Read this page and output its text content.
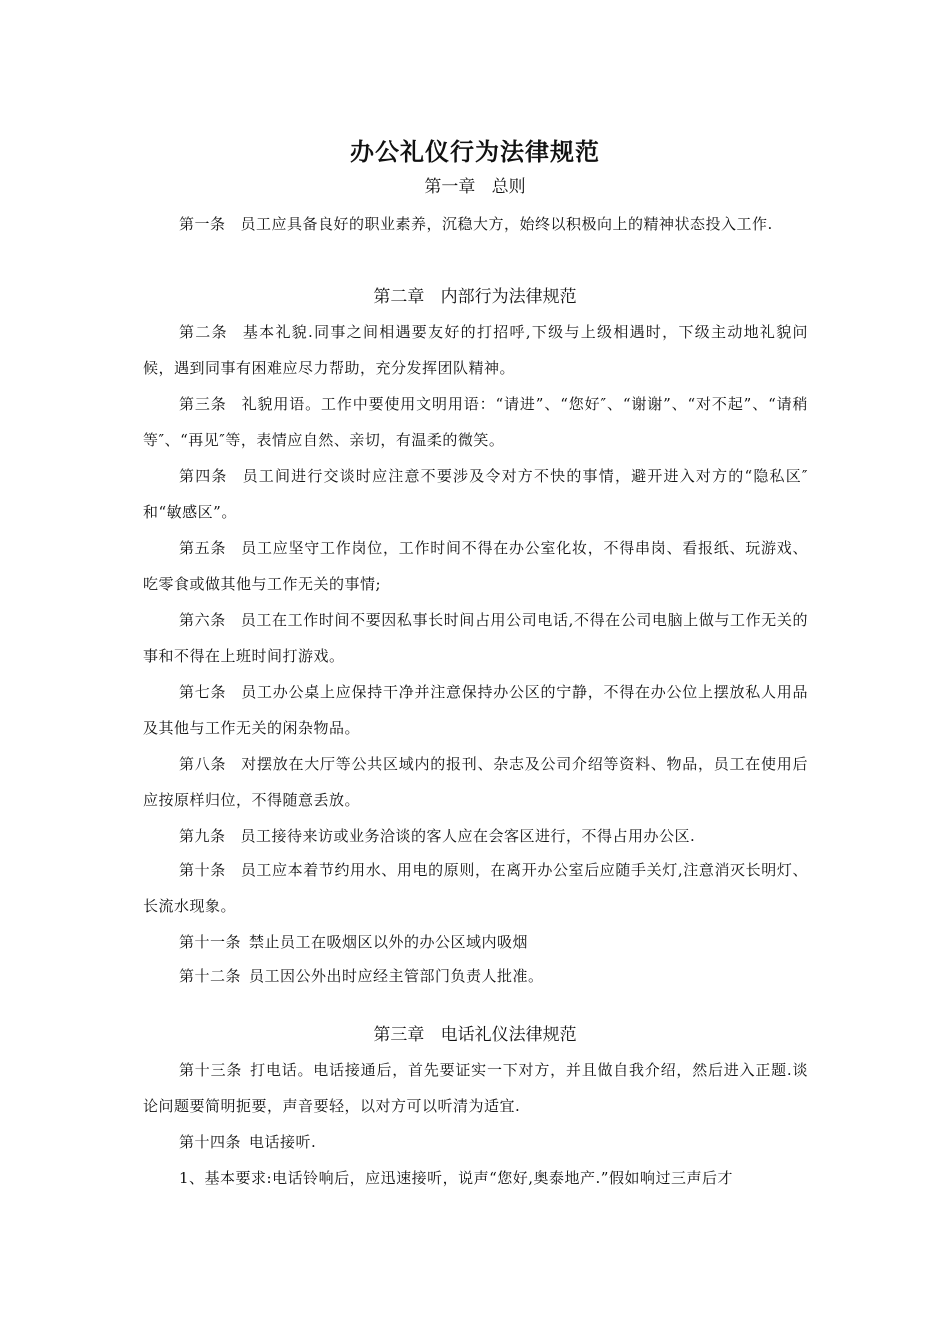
办公礼仪行为法律规范
第一章 总则
第一条 员工应具备良好的职业素养，沉稳大方，始终以积极向上的精神状态投入工作.
第二章 内部行为法律规范
第二条 基本礼貌.同事之间相遇要友好的打招呼,下级与上级相遇时，下级主动地礼貌问候，遇到同事有困难应尽力帮助，充分发挥团队精神。
第三条 礼貌用语。工作中要使用文明用语：“请进”、“您好″、“谢谢”、“对不起”、“请稍等″、“再见″等，表情应自然、亲切，有温柔的微笑。
第四条 员工间进行交谈时应注意不要涉及令对方不快的事情，避开进入对方的“隐私区″和“敏感区”。
第五条 员工应坚守工作岗位，工作时间不得在办公室化妆，不得串岗、看报纸、玩游戏、吃零食或做其他与工作无关的事情;
第六条 员工在工作时间不要因私事长时间占用公司电话,不得在公司电脑上做与工作无关的事和不得在上班时间打游戏。
第七条 员工办公桌上应保持干净并注意保持办公区的宁静，不得在办公位上摆放私人用品及其他与工作无关的闲杂物品。
第八条 对摆放在大厅等公共区域内的报刊、杂志及公司介绍等资料、物品，员工在使用后应按原样归位，不得随意丢放。
第九条 员工接待来访或业务洽谈的客人应在会客区进行，不得占用办公区.
第十条 员工应本着节约用水、用电的原则，在离开办公室后应随手关灯,注意消灭长明灯、长流水现象。
第十一条 禁止员工在吸烟区以外的办公区域内吸烟
第十二条 员工因公外出时应经主管部门负责人批准。
第三章 电话礼仪法律规范
第十三条 打电话。电话接通后，首先要证实一下对方，并且做自我介绍，然后进入正题.谈论问题要简明扼要，声音要轻，以对方可以听清为适宜.
第十四条 电话接听.
1、基本要求:电话铃响后，应迅速接听，说声“您好,奥泰地产.”假如响过三声后才
